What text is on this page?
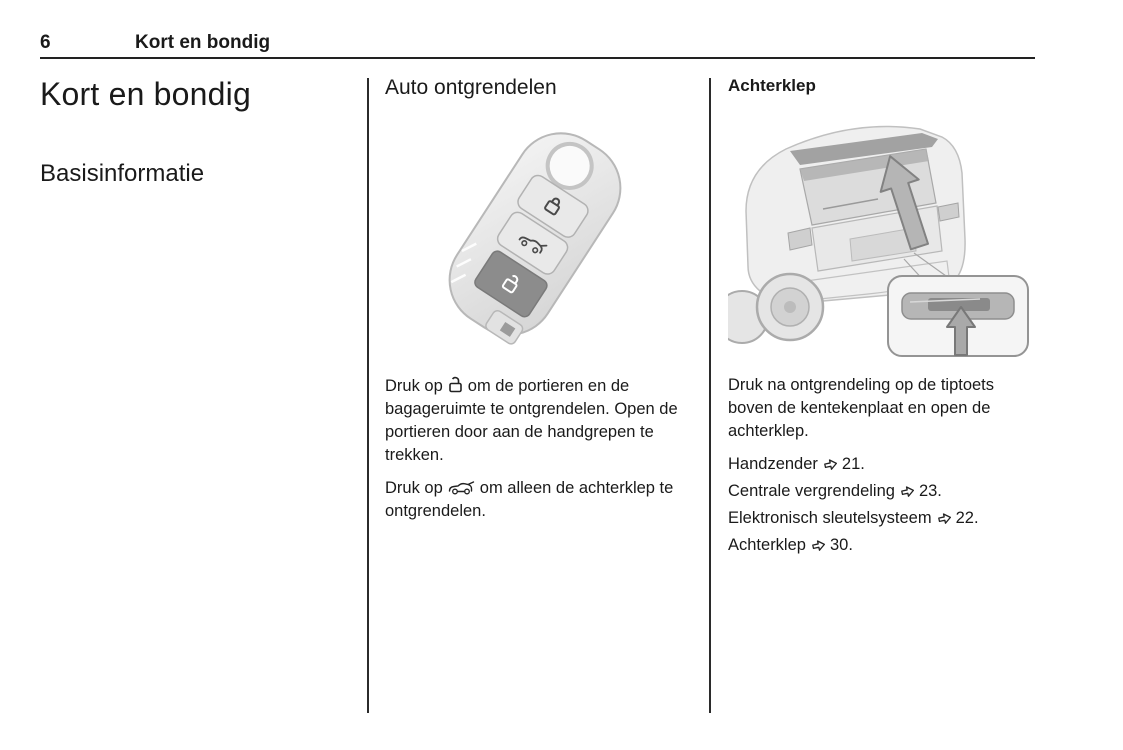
6	Kort en bondig
Kort en bondig
Basisinformatie
Auto ontgrendelen

Druk op om de portieren en de bagageruimte te ontgrendelen. Open de portieren door aan de handgrepen te trekken.

Druk op om alleen de achterklep te ontgrendelen.

Achterklep

Druk na ontgrendeling op de tiptoets boven de kentekenplaat en open de achterklep.

Handzender 21.
Centrale vergrendeling 23.
Elektronisch sleutelsysteem 22.
Achterklep 30.
